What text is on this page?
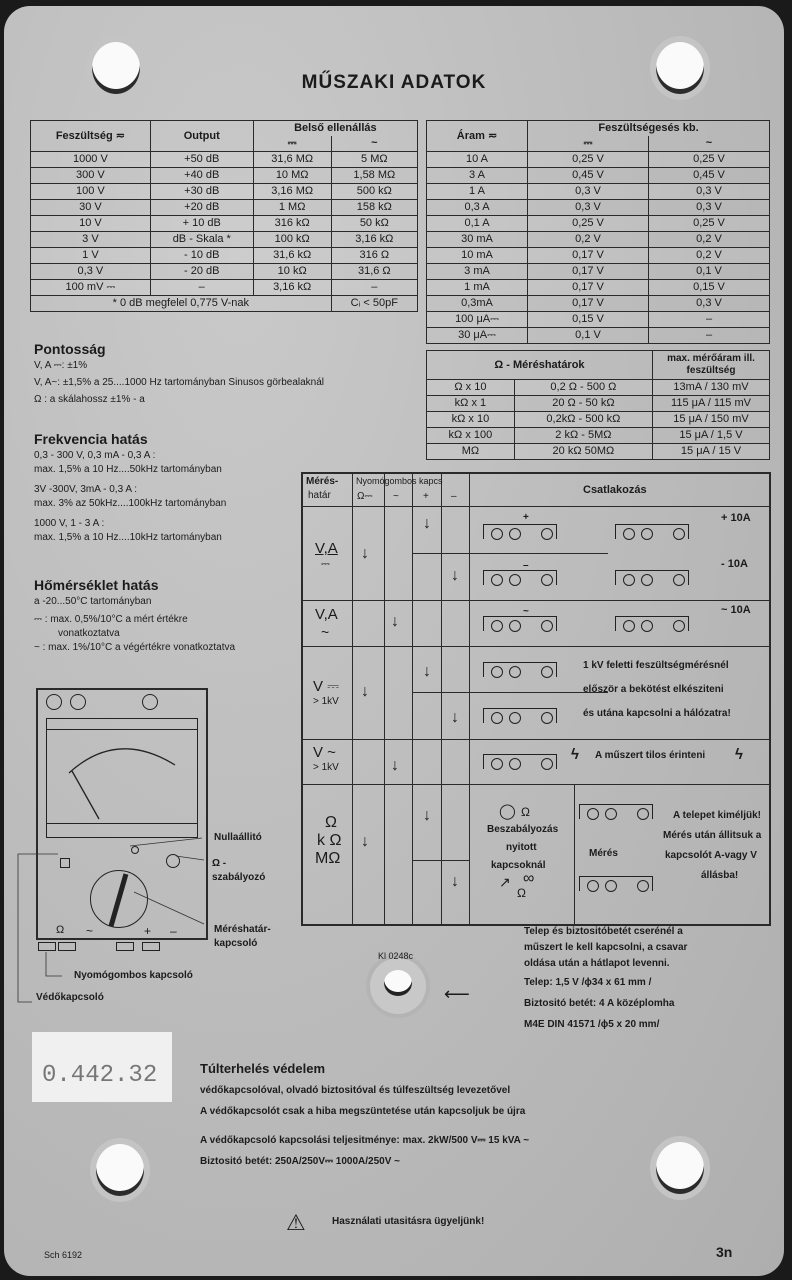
MŰSZAKI ADATOK
Feszültség ≂	Output	Belső ellenállás
⎓	~
1000 V	+50 dB	31,6 MΩ	5 MΩ
300 V	+40 dB	10 MΩ	1,58 MΩ
100 V	+30 dB	3,16 MΩ	500 kΩ
30 V	+20 dB	1 MΩ	158 kΩ
10 V	+ 10 dB	316 kΩ	50 kΩ
3 V	dB - Skala *	100 kΩ	3,16 kΩ
1 V	- 10 dB	31,6 kΩ	316 Ω
0,3 V	- 20 dB	10 kΩ	31,6 Ω
100 mV ⎓	–	3,16 kΩ	–
* 0 dB megfelel 0,775 V-nak	Cᵢ < 50pF
Áram ≂	Feszültségesés kb.
⎓	~
10 A	0,25 V	0,25 V
3 A	0,45 V	0,45 V
1 A	0,3 V	0,3 V
0,3 A	0,3 V	0,3 V
0,1 A	0,25 V	0,25 V
30 mA	0,2 V	0,2 V
10 mA	0,17 V	0,2 V
3 mA	0,17 V	0,1 V
1 mA	0,17 V	0,15 V
0,3mA	0,17 V	0,3 V
100 μA⎓	0,15 V	–
30 μA⎓	0,1 V	–
Ω - Méréshatárok	max. mérőáram ill. feszültség
Ω x 10	0,2 Ω - 500 Ω	13mA / 130 mV
kΩ x 1	20 Ω - 50 kΩ	115 μA / 115 mV
kΩ x 10	0,2kΩ - 500 kΩ	15 μA / 150 mV
kΩ x 100	2 kΩ - 5MΩ	15 μA / 1,5 V
MΩ	20 kΩ 50MΩ	15 μA / 15 V
Pontosság
V, A ⎓: ±1%
V, A~: ±1,5% a 25....1000 Hz tartományban Sinusos görbealaknál
Ω : a skálahossz ±1% - a
Frekvencia hatás
0,3 - 300 V, 0,3 mA - 0,3 A :
max. 1,5% a 10 Hz....50kHz tartományban
3V -300V, 3mA - 0,3 A :
max. 3% az 50kHz....100kHz tartományban
1000 V, 1 - 3 A :
max. 1,5% a 10 Hz....10kHz tartományban
Hőmérséklet hatás
a -20...50°C tartományban
⎓ : max. 0,5%/10°C a mért értékre
vonatkoztatva
~ : max. 1%/10°C a végértékre vonatkoztatva
Mérés-
határ
Nyomógombos kapcs
Ω⎓ ~ + –
Csatlakozás
V,A
⎓
V,A
~
V ⎓
> 1kV
V ~
> 1kV
Ω
k Ω
MΩ
↓
↓
↓
↓
↓
↓
↓
↓
↓
↓
↓
+
–
~
+ 10A
- 10A
~ 10A
1 kV feletti feszültségmérésnél
először a bekötést elkésziteni
és utána kapcsolni a hálózatra!
ϟ A műszert tilos érinteni ϟ
◯ Ω
Beszabályozás
nyitott
kapcsoknál
↗ ∞
Ω
Mérés
A telepet kiméljük!
Mérés után állitsuk a
kapcsolót A-vagy V
állásba!
Ω ~	+ –
Nullaállitó
Ω -
szabályozó
Méréshatár-
kapcsoló
Nyomógombos kapcsoló
Védőkapcsoló
Kl 0248c
⟵
Telep és biztositóbetét cserénél a
műszert le kell kapcsolni, a csavar
oldása után a hátlapot levenni.
Telep: 1,5 V /ϕ34 x 61 mm /
Biztositó betét: 4 A középlomha
M4E DIN 41571 /ϕ5 x 20 mm/
0.442.32	Túlterhelés védelem
védőkapcsolóval, olvadó biztositóval és túlfeszültség levezetővel
A védőkapcsolót csak a hiba megszüntetése után kapcsoljuk be újra
A védőkapcsoló kapcsolási teljesitménye: max. 2kW/500 V⎓ 15 kVA ~
Biztositó betét: 250A/250V⎓ 1000A/250V ~
⚠	Használati utasitásra ügyeljünk!
Sch 6192	3n
